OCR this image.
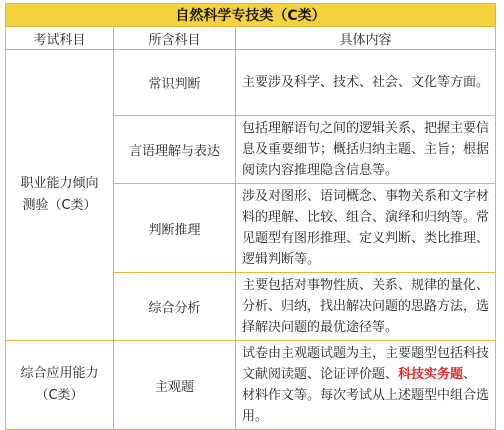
自然科学专技类（C类）		
考试科目	所含科目	具体内容

职业能力倾向
测验（C类）	常识判断	主要涉及科学、技术、社会、文化等方面。
	言语理解与表达	包括理解语句之间的逻辑关系、把握主要信息及重要细节；概括归纳主题、主旨；根据阅读内容推理隐含信息等。
	判断推理	涉及对图形、语词概念、事物关系和文字材料的理解、比较、组合、演绎和归纳等。常见题型有图形推理、定义判断、类比推理、逻辑判断等。
	综合分析	主要包括对事物性质、关系、规律的量化、分析、归纳，找出解决问题的思路方法，选择解决问题的最优途径等。

综合应用能力
（C类）	主观题	试卷由主观题试题为主，主要题型包括科技文献阅读题、论证评价题、科技实务题、材料作文等。每次考试从上述题型中组合选用。
